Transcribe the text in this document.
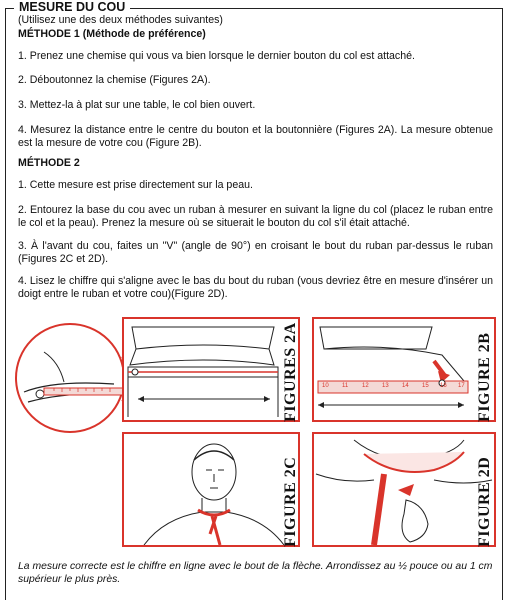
MESURE DU COU
(Utilisez une des deux méthodes suivantes)
MÉTHODE 1 (Méthode de préférence)
1. Prenez une chemise qui vous va bien lorsque le dernier bouton du col est attaché.
2. Déboutonnez la chemise (Figures 2A).
3. Mettez-la à plat sur une table, le col bien ouvert.
4. Mesurez la distance entre le centre du bouton et la boutonnière (Figures 2A). La mesure obtenue est la mesure de votre cou (Figure 2B).
MÉTHODE 2
1. Cette mesure est prise directement sur la peau.
2. Entourez la base du cou avec un ruban à mesurer en suivant la ligne du col (placez le ruban entre le col et la peau). Prenez la mesure où se situerait le bouton du col s'il était attaché.
3. À l'avant du cou, faites un "V" (angle de 90°) en croisant le bout du ruban par-dessus le ruban (Figures 2C et 2D).
4. Lisez le chiffre qui s'aligne avec le bas du bout du ruban (vous devriez être en mesure d'insérer un doigt entre le ruban et votre cou)(Figure 2D).
FIGURES 2A	10 11 12 13 14 15 16 17 FIGURE 2B
FIGURE 2C	FIGURE 2D
La mesure correcte est le chiffre en ligne avec le bout de la flèche. Arrondissez au ½ pouce ou au 1 cm supérieur le plus près.
